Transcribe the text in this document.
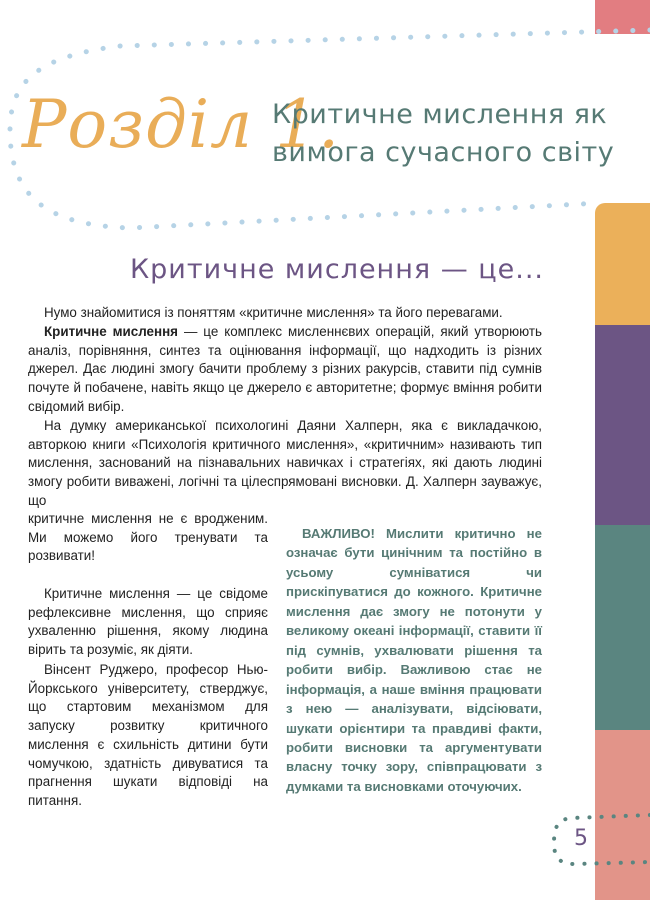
Розділ 1.
Критичне мислення як
вимога сучасного світу
Критичне мислення — це...

Нумо знайомитися із поняттям «критичне мислення» та його перевагами.

Критичне мислення — це комплекс мисленнєвих операцій, який утворюють аналіз, порівняння, синтез та оцінювання інформації, що надходить із різних джерел. Дає людині змогу бачити проблему з різних ракурсів, ставити під сумнів почуте й побачене, навіть якщо це джерело є авторитетне; формує вміння робити свідомий вибір.

На думку американської психологині Даяни Халперн, яка є викладачкою, авторкою книги «Психологія критичного мислення», «критичним» називають тип мислення, заснований на пізнавальних навичках і стратегіях, які дають людині змогу робити виважені, логічні та цілеспрямовані висновки. Д. Халперн зауважує, що

критичне мислення не є вродженим. Ми можемо його тренувати та розвивати!

Критичне мислення — це свідоме рефлексивне мислення, що сприяє ухваленню рішення, якому людина вірить та розуміє, як діяти.

Вінсент Руджеро, професор Нью-Йоркського університету, стверджує, що стартовим механізмом для запуску розвитку критичного мислення є схильність дитини бути чомучкою, здатність дивуватися та прагнення шукати відповіді на питання.

ВАЖЛИВО! Мислити критично не означає бути цинічним та постійно в усьому сумніватися чи прискіпуватися до кожного. Критичне мислення дає змогу не потонути у великому океані інформації, ставити її під сумнів, ухвалювати рішення та робити вибір. Важливою стає не інформація, а наше вміння працювати з нею — аналізувати, відсіювати, шукати орієнтири та правдиві факти, робити висновки та аргументувати власну точку зору, співпрацювати з думками та висновками оточуючих.

5
